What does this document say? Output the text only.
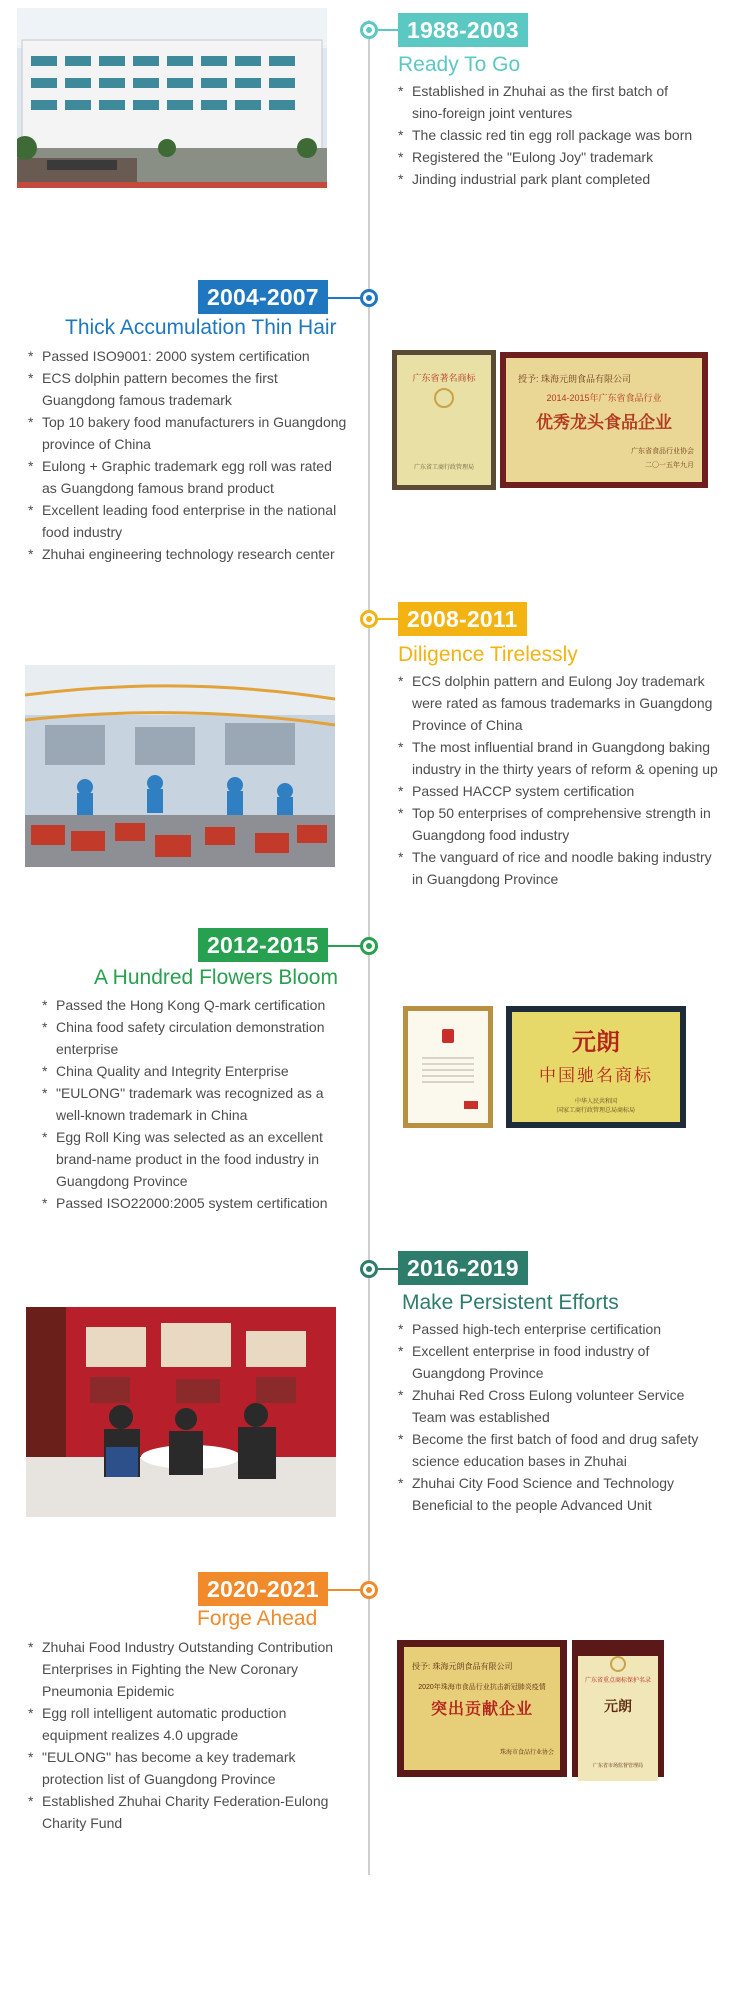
1988-2003
Ready To Go
* Established in Zhuhai as the first batch of sino-foreign joint ventures
* The classic red tin egg roll package was born
* Registered the "Eulong Joy" trademark
* Jinding industrial park plant completed
2004-2007
Thick Accumulation Thin Hair
* Passed ISO9001: 2000 system certification
* ECS dolphin pattern becomes the first Guangdong famous trademark
* Top 10 bakery food manufacturers in Guangdong province of China
* Eulong + Graphic trademark egg roll was rated as Guangdong famous brand product
* Excellent leading food enterprise in the national food industry
* Zhuhai engineering technology research center
广东省著名商标
广东省工商行政管理局
授予: 珠海元朗食品有限公司
2014-2015年广东省食品行业
优秀龙头食品企业
广东省食品行业协会
二〇一五年九月
2008-2011
Diligence Tirelessly
* ECS dolphin pattern and Eulong Joy trademark were rated as famous trademarks in Guangdong Province of China
* The most influential brand in Guangdong baking industry in the thirty years of reform & opening up
* Passed HACCP system certification
* Top 50 enterprises of comprehensive strength in Guangdong food industry
* The vanguard of rice and noodle baking industry in Guangdong Province
2012-2015
A Hundred Flowers Bloom
* Passed the Hong Kong Q-mark certification
* China food safety circulation demonstration enterprise
* China Quality and Integrity Enterprise
* "EULONG" trademark was recognized as a well-known trademark in China
* Egg Roll King was selected as an excellent brand-name product in the food industry in Guangdong Province
* Passed ISO22000:2005 system certification
元朗
中国驰名商标
中华人民共和国
国家工商行政管理总局商标局
2016-2019
Make Persistent Efforts
* Passed high-tech enterprise certification
* Excellent enterprise in food industry of Guangdong Province
* Zhuhai Red Cross Eulong volunteer Service Team was established
* Become the first batch of food and drug safety science education bases in Zhuhai
* Zhuhai City Food Science and Technology Beneficial to the people Advanced Unit
2020-2021
Forge Ahead
* Zhuhai Food Industry Outstanding Contribution Enterprises in Fighting the New Coronary Pneumonia Epidemic
* Egg roll intelligent automatic production equipment realizes 4.0 upgrade
* "EULONG" has become a key trademark protection list of Guangdong Province
* Established Zhuhai Charity Federation-Eulong Charity Fund
授予: 珠海元朗食品有限公司
2020年珠海市食品行业抗击新冠肺炎疫情
突出贡献企业
珠海市食品行业协会
广东省重点商标保护名录
元朗
广东省市场监督管理局
